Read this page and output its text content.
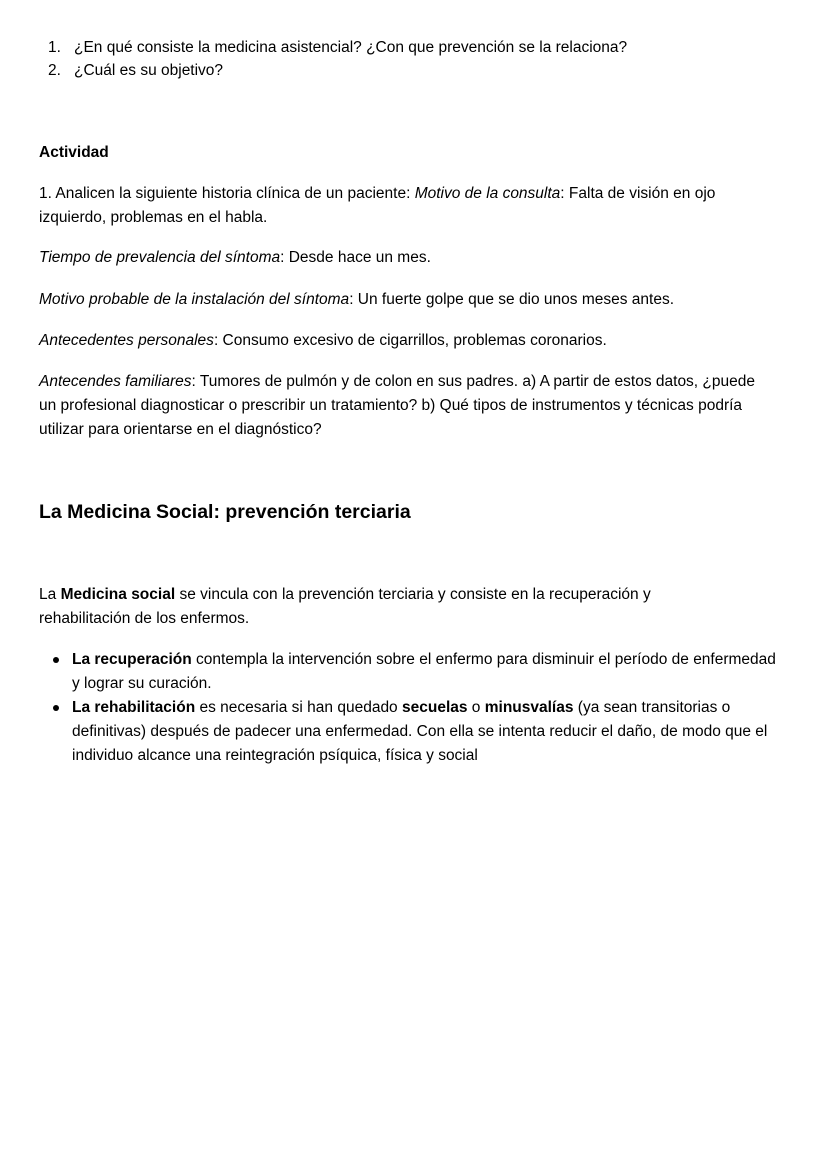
1. ¿En qué consiste la medicina asistencial? ¿Con que prevención se la relaciona?
2. ¿Cuál es su objetivo?

Actividad

1. Analicen la siguiente historia clínica de un paciente: Motivo de la consulta: Falta de visión en ojo izquierdo, problemas en el habla.

Tiempo de prevalencia del síntoma: Desde hace un mes.

Motivo probable de la instalación del síntoma: Un fuerte golpe que se dio unos meses antes.

Antecedentes personales: Consumo excesivo de cigarrillos, problemas coronarios.

Antecendes familiares: Tumores de pulmón y de colon en sus padres. a) A partir de estos datos, ¿puede un profesional diagnosticar o prescribir un tratamiento? b) Qué tipos de instrumentos y técnicas podría utilizar para orientarse en el diagnóstico?

La Medicina Social: prevención terciaria

La Medicina social se vincula con la prevención terciaria y consiste en la recuperación y rehabilitación de los enfermos.

La recuperación contempla la intervención sobre el enfermo para disminuir el período de enfermedad y lograr su curación.
La rehabilitación es necesaria si han quedado secuelas o minusvalías (ya sean transitorias o definitivas) después de padecer una enfermedad. Con ella se intenta reducir el daño, de modo que el individuo alcance una reintegración psíquica, física y social
